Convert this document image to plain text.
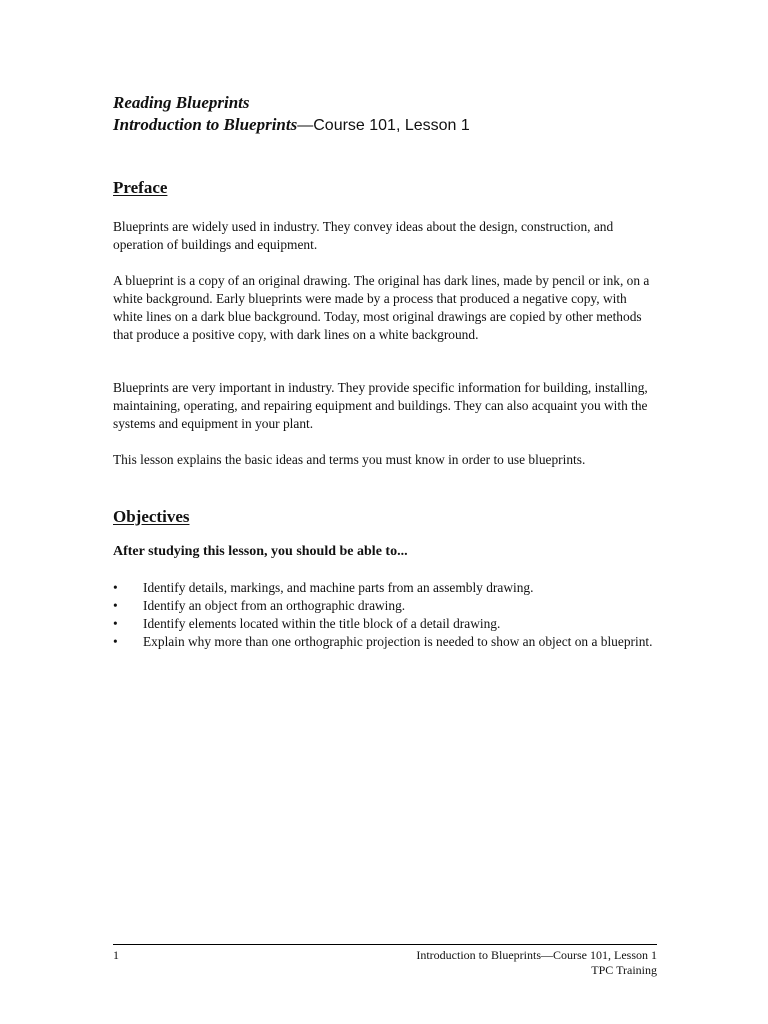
Reading Blueprints
Introduction to Blueprints—Course 101, Lesson 1
Preface
Blueprints are widely used in industry. They convey ideas about the design, construction, and operation of buildings and equipment.
A blueprint is a copy of an original drawing. The original has dark lines, made by pencil or ink, on a white background. Early blueprints were made by a process that produced a negative copy, with white lines on a dark blue background. Today, most original drawings are copied by other methods that produce a positive copy, with dark lines on a white background.
Blueprints are very important in industry. They provide specific information for building, installing, maintaining, operating, and repairing equipment and buildings. They can also acquaint you with the systems and equipment in your plant.
This lesson explains the basic ideas and terms you must know in order to use blueprints.
Objectives
After studying this lesson, you should be able to...
• Identify details, markings, and machine parts from an assembly drawing.
• Identify an object from an orthographic drawing.
• Identify elements located within the title block of a detail drawing.
• Explain why more than one orthographic projection is needed to show an object on a blueprint.
1	Introduction to Blueprints—Course 101, Lesson 1
TPC Training
